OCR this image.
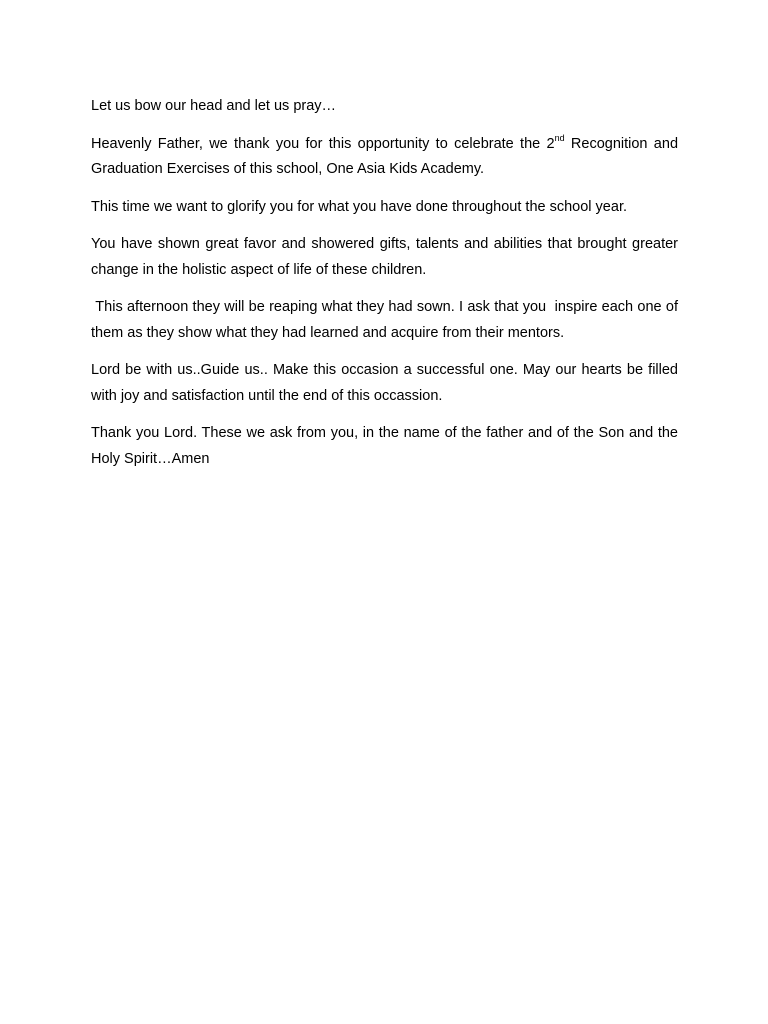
Let us bow our head and let us pray…

Heavenly Father, we thank you for this opportunity to celebrate the 2nd Recognition and Graduation Exercises of this school, One Asia Kids Academy.

This time we want to glorify you for what you have done throughout the school year.

You have shown great favor and showered gifts, talents and abilities that brought greater change in the holistic aspect of life of these children.

This afternoon they will be reaping what they had sown. I ask that you  inspire each one of them as they show what they had learned and acquire from their mentors.

Lord be with us..Guide us.. Make this occasion a successful one. May our hearts be filled with joy and satisfaction until the end of this occassion.

Thank you Lord. These we ask from you, in the name of the father and of the Son and the Holy Spirit…Amen
